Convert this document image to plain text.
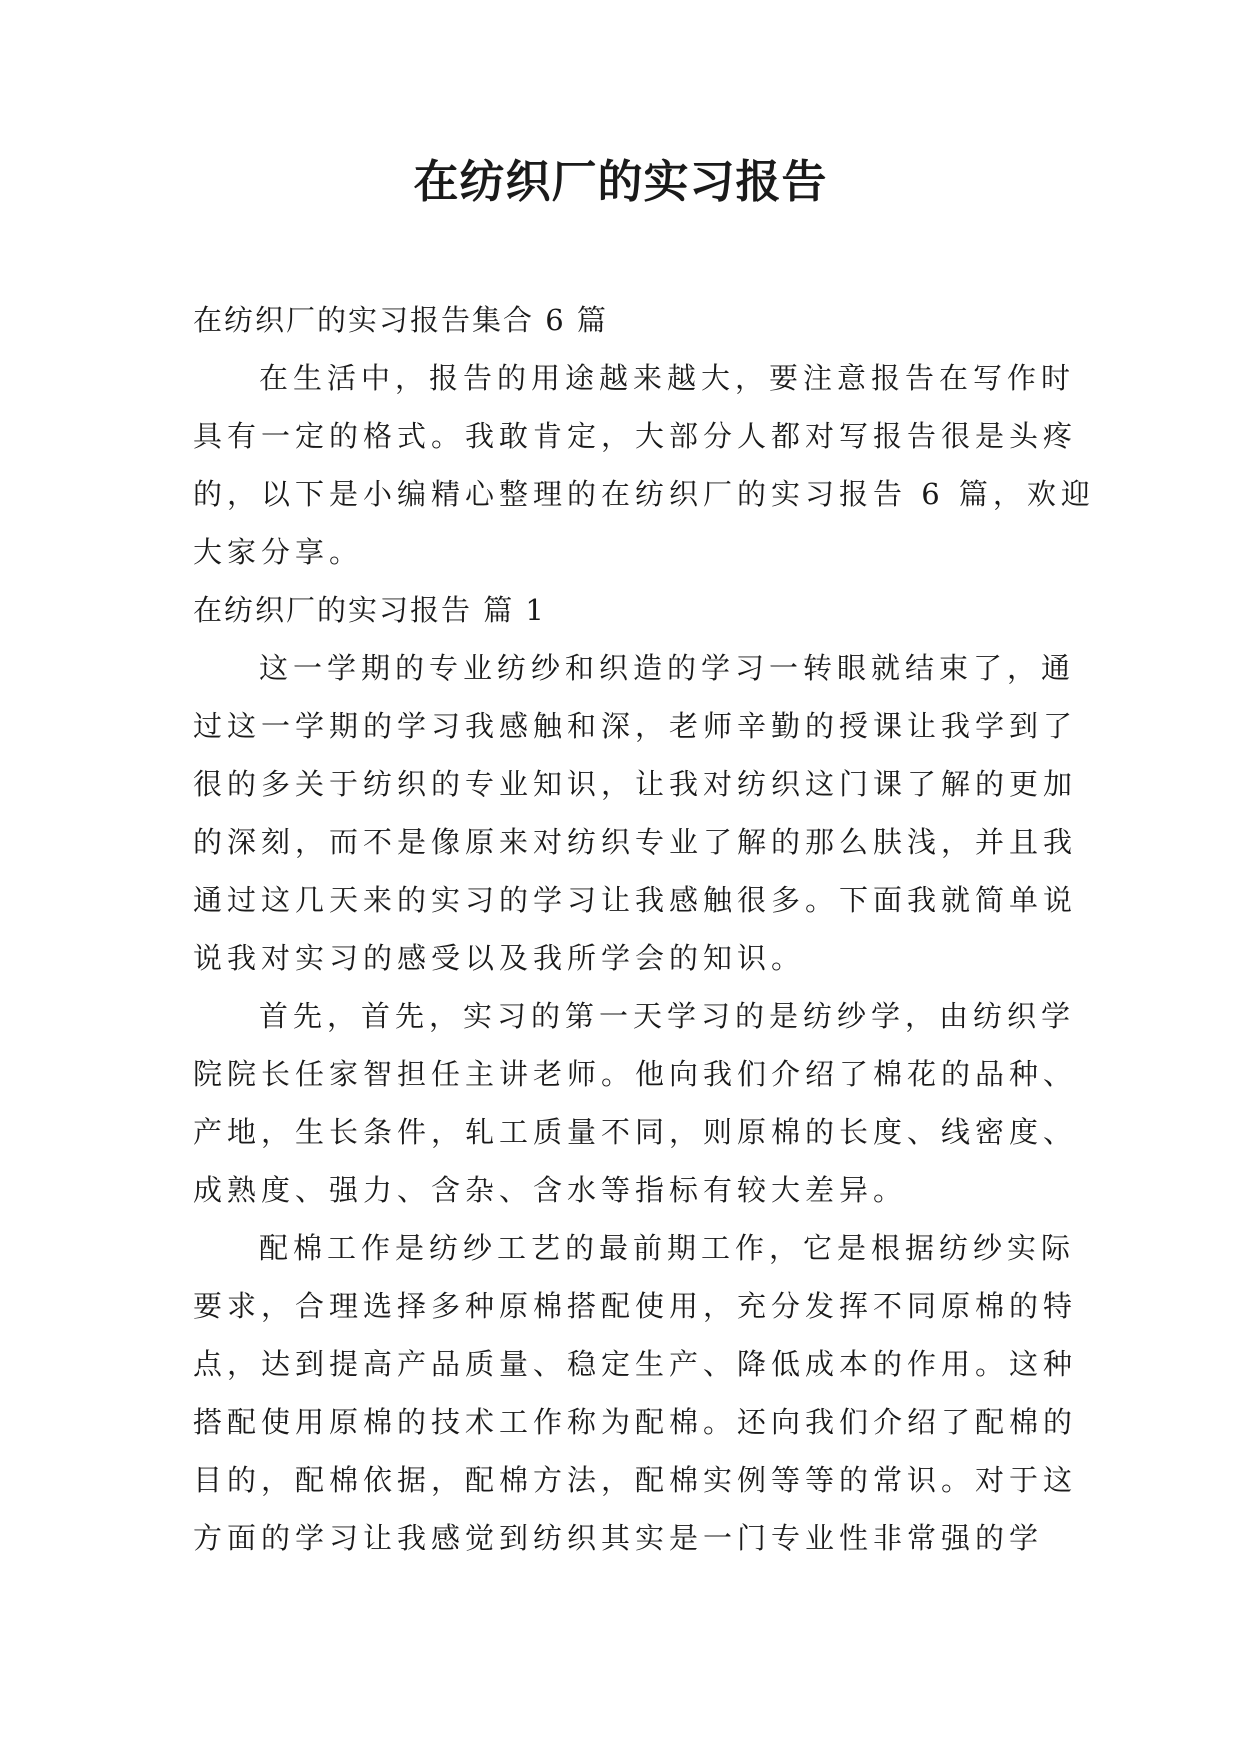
在纺织厂的实习报告
在纺织厂的实习报告集合 6 篇
在生活中，报告的用途越来越大，要注意报告在写作时
具有一定的格式。我敢肯定，大部分人都对写报告很是头疼
的，以下是小编精心整理的在纺织厂的实习报告 6 篇，欢迎
大家分享。
在纺织厂的实习报告 篇 1
这一学期的专业纺纱和织造的学习一转眼就结束了，通
过这一学期的学习我感触和深，老师辛勤的授课让我学到了
很的多关于纺织的专业知识，让我对纺织这门课了解的更加
的深刻，而不是像原来对纺织专业了解的那么肤浅，并且我
通过这几天来的实习的学习让我感触很多。下面我就简单说
说我对实习的感受以及我所学会的知识。
首先，首先，实习的第一天学习的是纺纱学，由纺织学
院院长任家智担任主讲老师。他向我们介绍了棉花的品种、
产地，生长条件，轧工质量不同，则原棉的长度、线密度、
成熟度、强力、含杂、含水等指标有较大差异。
配棉工作是纺纱工艺的最前期工作，它是根据纺纱实际
要求，合理选择多种原棉搭配使用，充分发挥不同原棉的特
点，达到提高产品质量、稳定生产、降低成本的作用。这种
搭配使用原棉的技术工作称为配棉。还向我们介绍了配棉的
目的，配棉依据，配棉方法，配棉实例等等的常识。对于这
方面的学习让我感觉到纺织其实是一门专业性非常强的学
